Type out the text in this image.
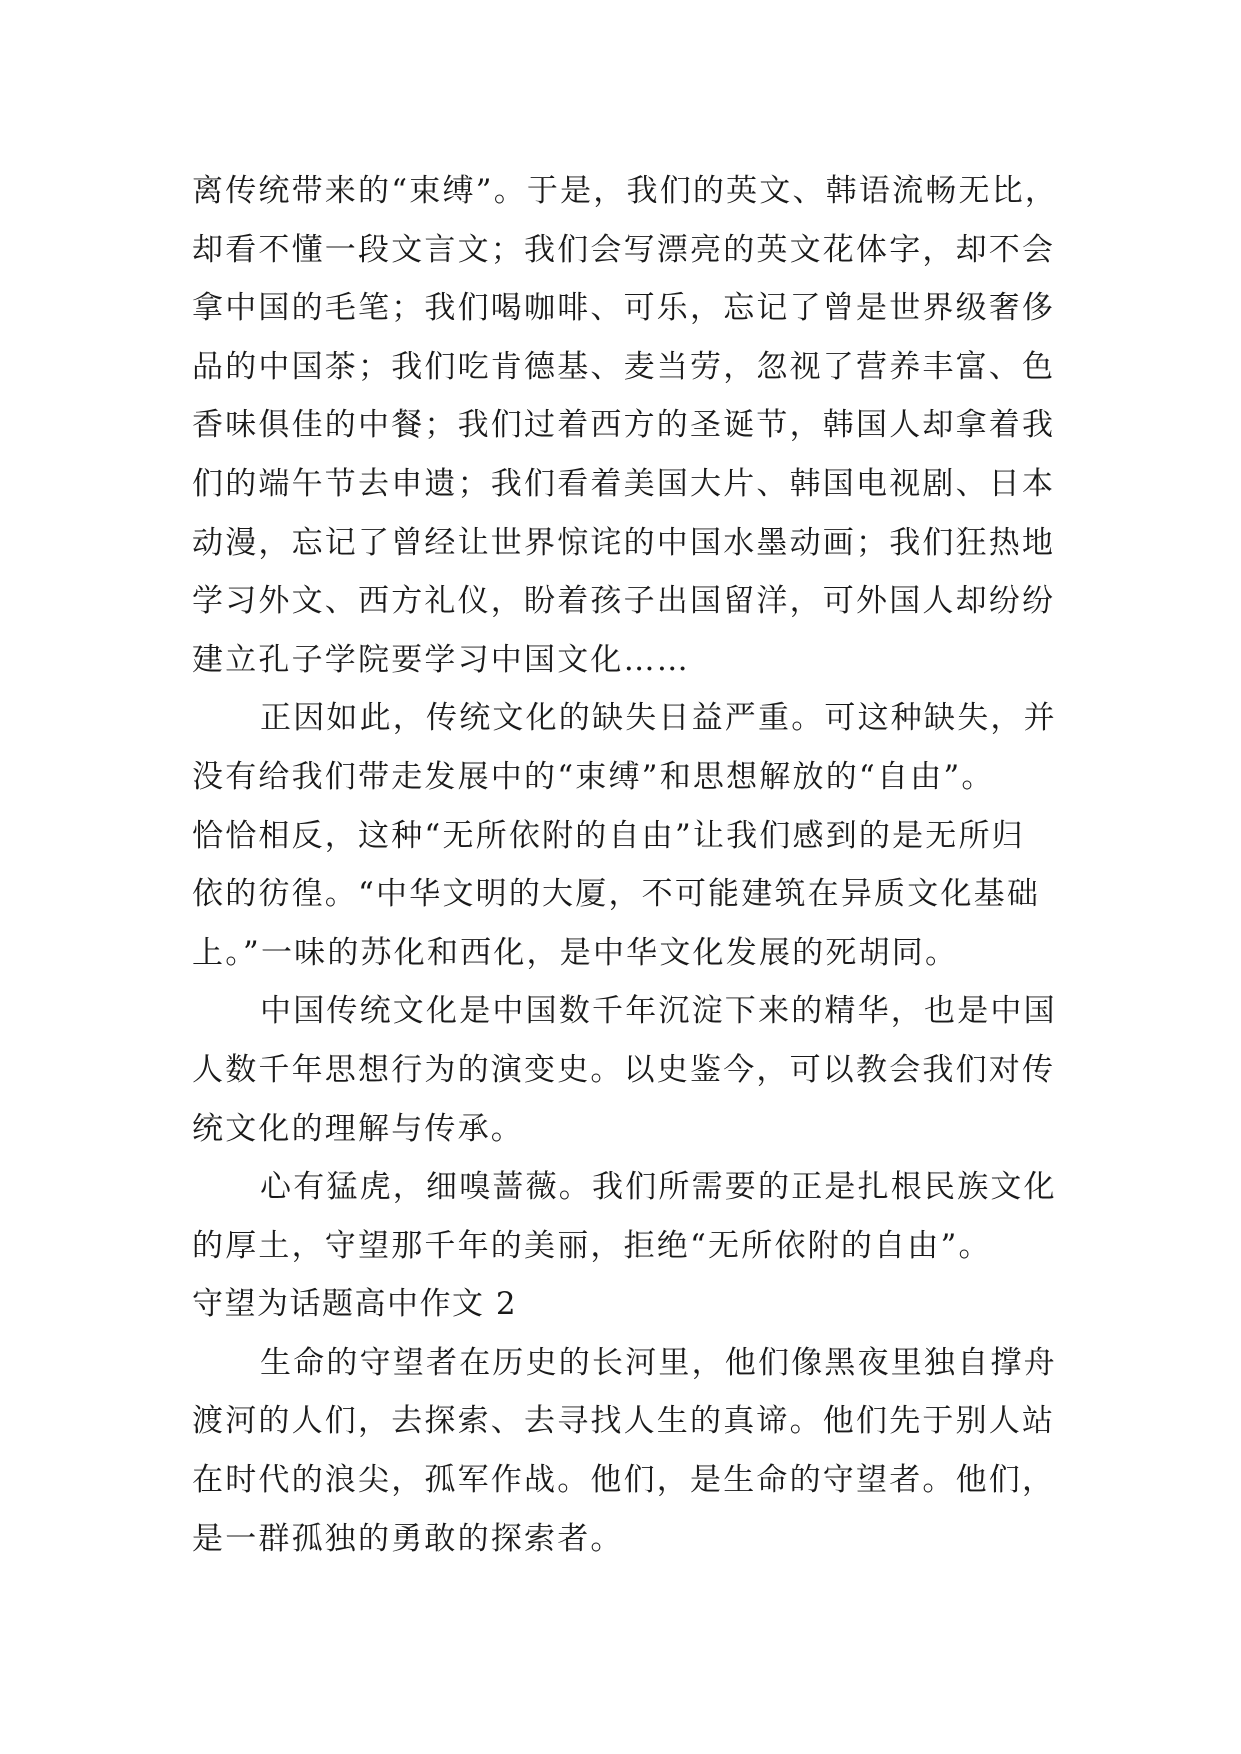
离传统带来的“束缚”。于是，我们的英文、韩语流畅无比，
却看不懂一段文言文；我们会写漂亮的英文花体字，却不会
拿中国的毛笔；我们喝咖啡、可乐，忘记了曾是世界级奢侈
品的中国茶；我们吃肯德基、麦当劳，忽视了营养丰富、色
香味俱佳的中餐；我们过着西方的圣诞节，韩国人却拿着我
们的端午节去申遗；我们看着美国大片、韩国电视剧、日本
动漫，忘记了曾经让世界惊诧的中国水墨动画；我们狂热地
学习外文、西方礼仪，盼着孩子出国留洋，可外国人却纷纷
建立孔子学院要学习中国文化……
正因如此，传统文化的缺失日益严重。可这种缺失，并
没有给我们带走发展中的“束缚”和思想解放的“自由”。
恰恰相反，这种“无所依附的自由”让我们感到的是无所归
依的彷徨。“中华文明的大厦，不可能建筑在异质文化基础
上。”一味的苏化和西化，是中华文化发展的死胡同。
中国传统文化是中国数千年沉淀下来的精华，也是中国
人数千年思想行为的演变史。以史鉴今，可以教会我们对传
统文化的理解与传承。
心有猛虎，细嗅蔷薇。我们所需要的正是扎根民族文化
的厚土，守望那千年的美丽，拒绝“无所依附的自由”。
守望为话题高中作文 2
生命的守望者在历史的长河里，他们像黑夜里独自撑舟
渡河的人们，去探索、去寻找人生的真谛。他们先于别人站
在时代的浪尖，孤军作战。他们，是生命的守望者。他们，
是一群孤独的勇敢的探索者。
